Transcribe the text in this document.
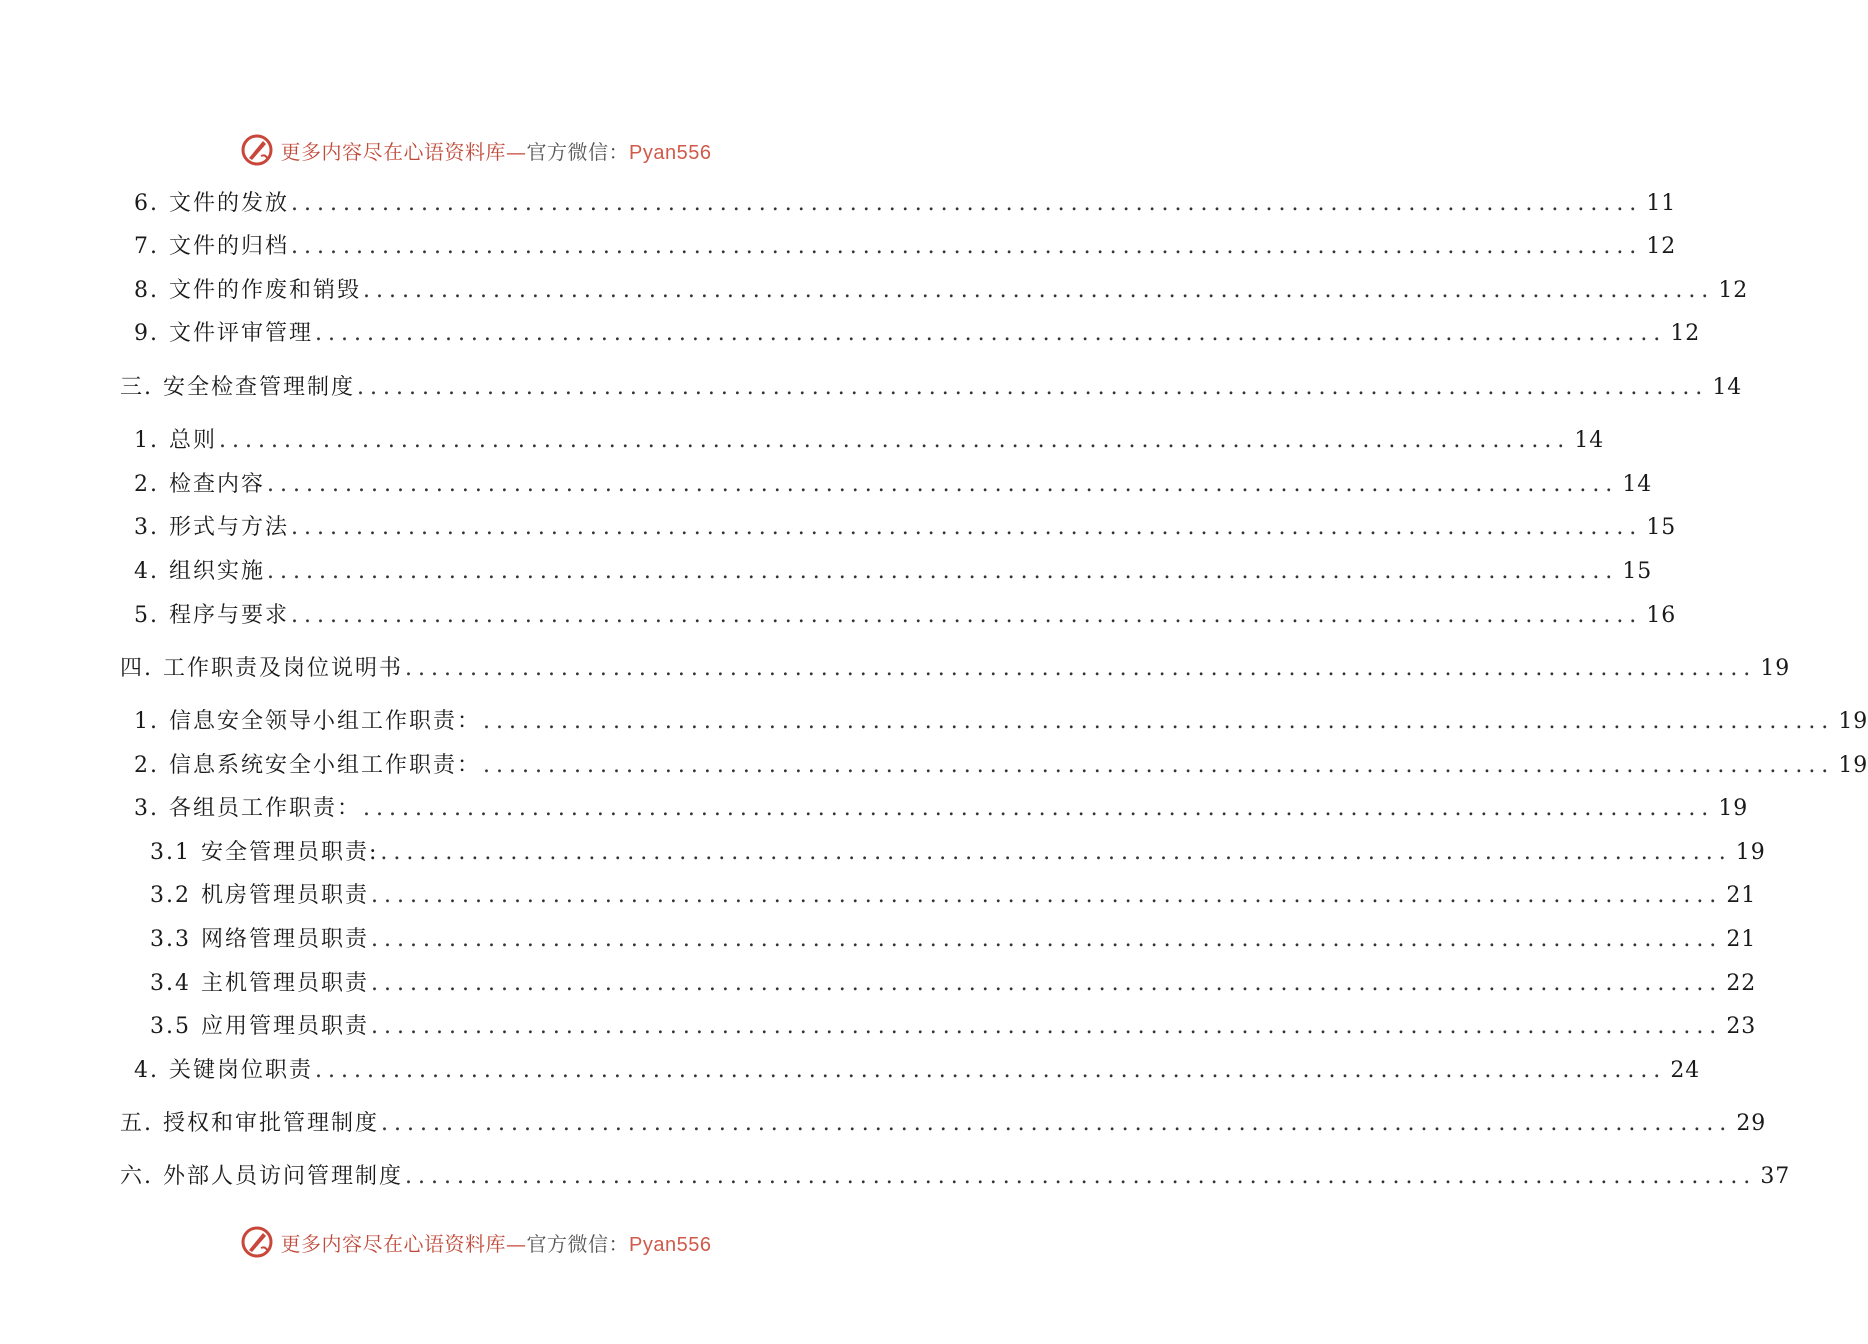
更多内容尽在心语资料库—官方微信：Pyan556
6. 文件的发放 ........................................................................................................ 11
7. 文件的归档 ........................................................................................................ 12
8. 文件的作废和销毁 ........................................................................................................ 12
9. 文件评审管理 ........................................................................................................ 12
三. 安全检查管理制度 ........................................................................................................ 14
1. 总则 ........................................................................................................ 14
2. 检查内容 ........................................................................................................ 14
3. 形式与方法 ........................................................................................................ 15
4. 组织实施 ........................................................................................................ 15
5. 程序与要求 ........................................................................................................ 16
四. 工作职责及岗位说明书 ........................................................................................................ 19
1. 信息安全领导小组工作职责： ........................................................................................................ 19
2. 信息系统安全小组工作职责： ........................................................................................................ 19
3. 各组员工作职责： ........................................................................................................ 19
3.1 安全管理员职责: ........................................................................................................ 19
3.2 机房管理员职责 ........................................................................................................ 21
3.3 网络管理员职责 ........................................................................................................ 21
3.4 主机管理员职责 ........................................................................................................ 22
3.5 应用管理员职责 ........................................................................................................ 23
4. 关键岗位职责 ........................................................................................................ 24
五. 授权和审批管理制度 ........................................................................................................ 29
六. 外部人员访问管理制度 ........................................................................................................ 37
更多内容尽在心语资料库—官方微信：Pyan556
